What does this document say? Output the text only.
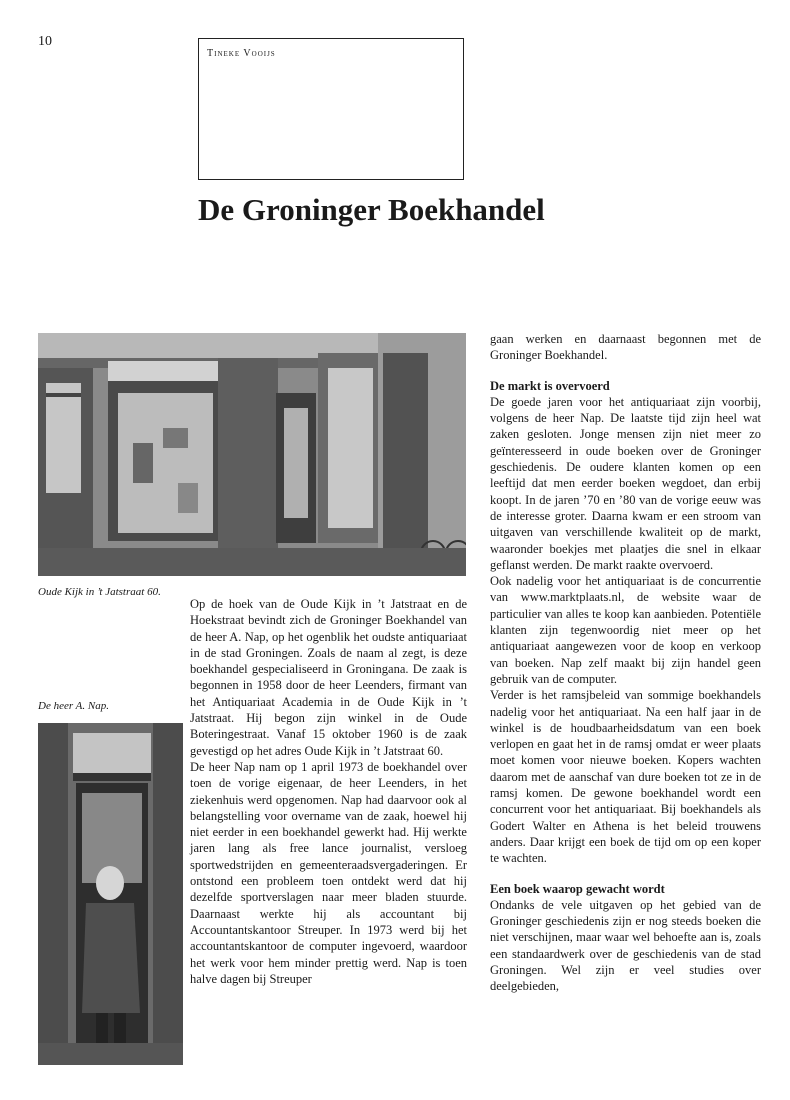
10
Tineke Vooijs
De Groninger Boekhandel
Oude Kijk in ’t Jatstraat 60.
De heer A. Nap.

Op de hoek van de Oude Kijk in ’t Jatstraat en de Hoekstraat bevindt zich de Groninger Boekhandel van de heer A. Nap, op het ogenblik het oudste antiquariaat in de stad Groningen. Zoals de naam al zegt, is deze boekhandel gespecialiseerd in Groningana. De zaak is begonnen in 1958 door de heer Leenders, firmant van het Antiquariaat Academia in de Oude Kijk in ’t Jatstraat. Hij begon zijn winkel in de Oude Boteringestraat. Vanaf 15 oktober 1960 is de zaak gevestigd op het adres Oude Kijk in ’t Jatstraat 60.

De heer Nap nam op 1 april 1973 de boekhandel over toen de vorige eigenaar, de heer Leenders, in het ziekenhuis werd opgenomen. Nap had daarvoor ook al belangstelling voor overname van de zaak, hoewel hij niet eerder in een boekhandel gewerkt had. Hij werkte jaren lang als free lance journalist, versloeg sportwedstrijden en gemeenteraadsvergaderingen. Er ontstond een probleem toen ontdekt werd dat hij dezelfde sportverslagen naar meer bladen stuurde. Daarnaast werkte hij als accountant bij Accountantskantoor Streuper. In 1973 werd bij het accountantskantoor de computer ingevoerd, waardoor het werk voor hem minder prettig werd. Nap is toen halve dagen bij Streuper

gaan werken en daarnaast begonnen met de Groninger Boekhandel.

De markt is overvoerd

De goede jaren voor het antiquariaat zijn voorbij, volgens de heer Nap. De laatste tijd zijn heel wat zaken gesloten. Jonge mensen zijn niet meer zo geïnteresseerd in oude boeken over de Groninger geschiedenis. De oudere klanten komen op een leeftijd dat men eerder boeken wegdoet, dan erbij koopt. In de jaren ’70 en ’80 van de vorige eeuw was de interesse groter. Daarna kwam er een stroom van uitgaven van verschillende kwaliteit op de markt, waaronder boekjes met plaatjes die snel in elkaar geflanst werden. De markt raakte overvoerd.

Ook nadelig voor het antiquariaat is de concurrentie van www.marktplaats.nl, de website waar de particulier van alles te koop kan aanbieden. Potentiële klanten zijn tegenwoordig niet meer op het antiquariaat aangewezen voor de koop en verkoop van boeken. Nap zelf maakt bij zijn handel geen gebruik van de computer.

Verder is het ramsjbeleid van sommige boekhandels nadelig voor het antiquariaat. Na een half jaar in de winkel is de houdbaarheidsdatum van een boek verlopen en gaat het in de ramsj omdat er weer plaats moet komen voor nieuwe boeken. Kopers wachten daarom met de aanschaf van dure boeken tot ze in de ramsj komen. De gewone boekhandel wordt een concurrent voor het antiquariaat. Bij boekhandels als Godert Walter en Athena is het beleid trouwens anders. Daar krijgt een boek de tijd om op een koper te wachten.

Een boek waarop gewacht wordt

Ondanks de vele uitgaven op het gebied van de Groninger geschiedenis zijn er nog steeds boeken die niet verschijnen, maar waar wel behoefte aan is, zoals een standaardwerk over de geschiedenis van de stad Groningen. Wel zijn er veel studies over deelgebieden,
